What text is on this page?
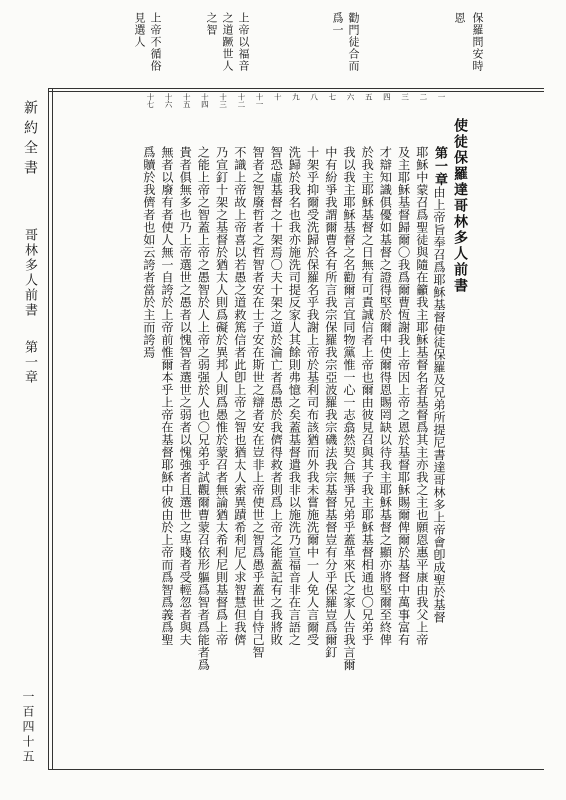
保羅問安時
恩
勸門徒合而
爲一
上帝以福音
之道蹶世人
之智
上帝不循俗
見選人
一
二
三
四
五
六
七
八
九
十
十一
十二
十三
十四
十五
十六
十七
使徒保羅達哥林多人前書
第一章由上帝旨奉召爲耶穌基督使徒保羅及兄弟所提尼書達哥林多上帝會卽成聖於基督
耶穌中蒙召爲聖徒與隨在籲我主耶穌基督名者基督爲其主亦我之主也願恩惠平康由我父上帝
及主耶穌基督歸爾〇我爲爾曹恆謝我上帝因上帝之恩於基督耶穌賜爾俾爾於基督中萬事富有
才辯知識俱優如基督之證得堅於爾中使爾得恩賜罔缺以待我主耶穌基督之顯亦將堅爾至終俾
於我主耶穌基督之日無有可責誠信者上帝也爾由彼見召與其子我主耶穌基督相通也〇兄弟乎
我以我主耶穌基督之名勸爾言宜同物黨惟一心一志翕然契合無爭兄弟乎蓋革來氏之家人告我言爾
中有紛爭我謂爾曹各有所言我宗保羅我宗亞波羅我宗磯法我宗基督基督豈有分乎保羅豈爲爾釘
十架乎抑爾受洗歸於保羅名乎我謝上帝於基利司布該猶而外我未嘗施洗爾中一人免人言爾受
洗歸於我名也我亦施洗司提反家人其餘則弗憶之矣蓋基督遣我非以施洗乃宣福音非在言語之
智恐虛基督之十架焉〇夫十架之道於淪亡者爲愚於我儕得救者則爲上帝之能蓋記有之我將敗
智者之智廢哲者之哲智者安在士子安在斯世之辯者安在豈非上帝使世之智爲愚乎蓋世自恃己智
不識上帝故上帝喜以若愚之道救篤信者此卽上帝之智也猶太人索異蹟希利尼人求智慧但我儕
乃宣釘十架之基督於猶太人則爲礙於異邦人則爲愚惟於蒙召者無論猶太希利尼則基督爲上帝
之能上帝之智蓋上帝之愚智於人上帝之弱强於人也〇兄弟乎試觀爾曹蒙召依形軀爲智者爲能者爲
貴者俱無多也乃上帝選世之愚者以愧智者選世之弱者以愧強者且選世之卑賤者受輕忽者與夫
無者以廢有者使人無一自誇於上帝前惟爾本乎上帝在基督耶穌中彼由於上帝而爲智爲義爲聖
爲贖於我儕者也如云誇者當於主而誇焉
新約全書
哥林多人前書
第一章
一百四十五
